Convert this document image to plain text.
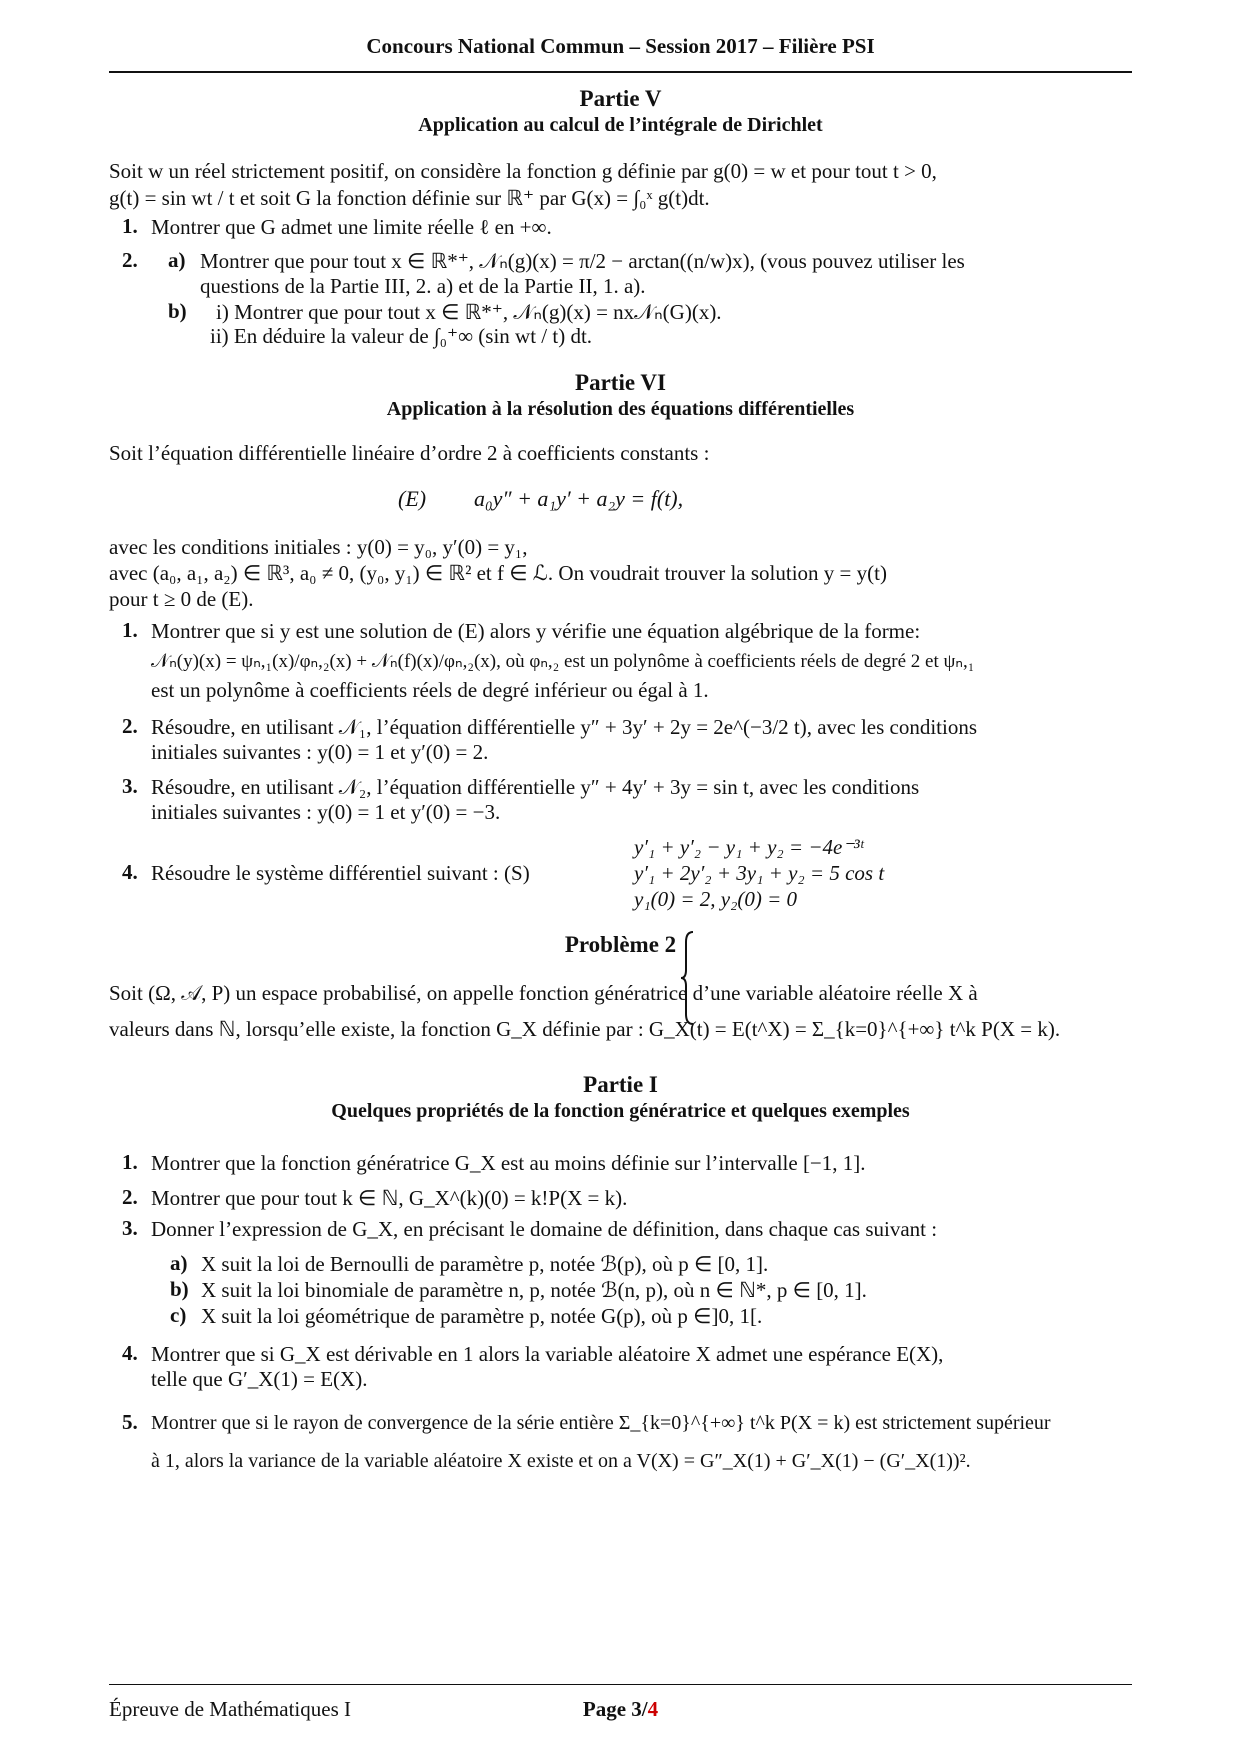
Concours National Commun – Session 2017 – Filière PSI
Partie V
Application au calcul de l’intégrale de Dirichlet
Soit w un réel strictement positif, on considère la fonction g définie par g(0) = w et pour tout t > 0,
g(t) = sin wt / t et soit G la fonction définie sur ℝ⁺ par G(x) = ∫₀ˣ g(t)dt.
1. Montrer que G admet une limite réelle ℓ en +∞.
2. a) Montrer que pour tout x ∈ ℝ*⁺, 𝒩ₙ(g)(x) = π/2 − arctan((n/w)x), (vous pouvez utiliser les
questions de la Partie III, 2. a) et de la Partie II, 1. a).
b) i) Montrer que pour tout x ∈ ℝ*⁺, 𝒩ₙ(g)(x) = nx𝒩ₙ(G)(x).
ii) En déduire la valeur de ∫₀⁺∞ (sin wt / t) dt.
Partie VI
Application à la résolution des équations différentielles
Soit l’équation différentielle linéaire d’ordre 2 à coefficients constants :
(E) a₀y″ + a₁y′ + a₂y = f(t),
avec les conditions initiales : y(0) = y₀, y′(0) = y₁,
avec (a₀, a₁, a₂) ∈ ℝ³, a₀ ≠ 0, (y₀, y₁) ∈ ℝ² et f ∈ ℒ. On voudrait trouver la solution y = y(t)
pour t ≥ 0 de (E).
1. Montrer que si y est une solution de (E) alors y vérifie une équation algébrique de la forme:
𝒩ₙ(y)(x) = ψₙ,₁(x)/φₙ,₂(x) + 𝒩ₙ(f)(x)/φₙ,₂(x), où φₙ,₂ est un polynôme à coefficients réels de degré 2 et ψₙ,₁
est un polynôme à coefficients réels de degré inférieur ou égal à 1.
2. Résoudre, en utilisant 𝒩₁, l’équation différentielle y″ + 3y′ + 2y = 2e^(−3/2 t), avec les conditions
initiales suivantes : y(0) = 1 et y′(0) = 2.
3. Résoudre, en utilisant 𝒩₂, l’équation différentielle y″ + 4y′ + 3y = sin t, avec les conditions
initiales suivantes : y(0) = 1 et y′(0) = −3.
4. Résoudre le système différentiel suivant : (S)
y′₁ + y′₂ − y₁ + y₂ = −4e⁻³ᵗ
y′₁ + 2y′₂ + 3y₁ + y₂ = 5 cos t
y₁(0) = 2, y₂(0) = 0
Problème 2
Soit (Ω, 𝒜, P) un espace probabilisé, on appelle fonction génératrice d’une variable aléatoire réelle X à
valeurs dans ℕ, lorsqu’elle existe, la fonction G_X définie par : G_X(t) = E(t^X) = Σ_{k=0}^{+∞} t^k P(X = k).
Partie I
Quelques propriétés de la fonction génératrice et quelques exemples
1. Montrer que la fonction génératrice G_X est au moins définie sur l’intervalle [−1, 1].
2. Montrer que pour tout k ∈ ℕ, G_X^(k)(0) = k!P(X = k).
3. Donner l’expression de G_X, en précisant le domaine de définition, dans chaque cas suivant :
a) X suit la loi de Bernoulli de paramètre p, notée ℬ(p), où p ∈ [0, 1].
b) X suit la loi binomiale de paramètre n, p, notée ℬ(n, p), où n ∈ ℕ*, p ∈ [0, 1].
c) X suit la loi géométrique de paramètre p, notée G(p), où p ∈]0, 1[.
4. Montrer que si G_X est dérivable en 1 alors la variable aléatoire X admet une espérance E(X),
telle que G′_X(1) = E(X).
5. Montrer que si le rayon de convergence de la série entière Σ_{k=0}^{+∞} t^k P(X = k) est strictement supérieur
à 1, alors la variance de la variable aléatoire X existe et on a V(X) = G″_X(1) + G′_X(1) − (G′_X(1))².
Épreuve de Mathématiques I	Page 3/4
